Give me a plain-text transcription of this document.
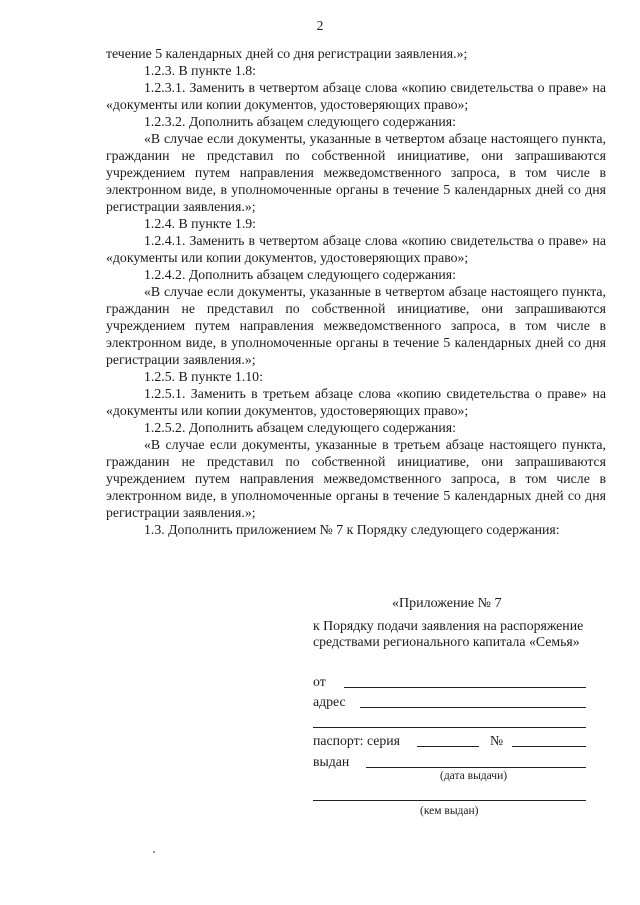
2

течение 5 календарных дней со дня регистрации заявления.»;

1.2.3. В пункте 1.8:

1.2.3.1. Заменить в четвертом абзаце слова «копию свидетельства о праве» на «документы или копии документов, удостоверяющих право»;

1.2.3.2. Дополнить абзацем следующего содержания:

«В случае если документы, указанные в четвертом абзаце настоящего пункта, гражданин не представил по собственной инициативе, они запрашиваются учреждением путем направления межведомственного запроса, в том числе в электронном виде, в уполномоченные органы в течение 5 календарных дней со дня регистрации заявления.»;

1.2.4. В пункте 1.9:

1.2.4.1. Заменить в четвертом абзаце слова «копию свидетельства о праве» на «документы или копии документов, удостоверяющих право»;

1.2.4.2. Дополнить абзацем следующего содержания:

«В случае если документы, указанные в четвертом абзаце настоящего пункта, гражданин не представил по собственной инициативе, они запрашиваются учреждением путем направления межведомственного запроса, в том числе в электронном виде, в уполномоченные органы в течение 5 календарных дней со дня регистрации заявления.»;

1.2.5. В пункте 1.10:

1.2.5.1. Заменить в третьем абзаце слова «копию свидетельства о праве» на «документы или копии документов, удостоверяющих право»;

1.2.5.2. Дополнить абзацем следующего содержания:

«В случае если документы, указанные в третьем абзаце настоящего пункта, гражданин не представил по собственной инициативе, они запрашиваются учреждением путем направления межведомственного запроса, в том числе в электронном виде, в уполномоченные органы в течение 5 календарных дней со дня регистрации заявления.»;

1.3. Дополнить приложением № 7 к Порядку следующего содержания:

«Приложение № 7
к Порядку подачи заявления на распоряжение средствами регионального капитала «Семья»
от
адрес
паспорт: серия	№
выдан
(дата выдачи)
(кем выдан)
